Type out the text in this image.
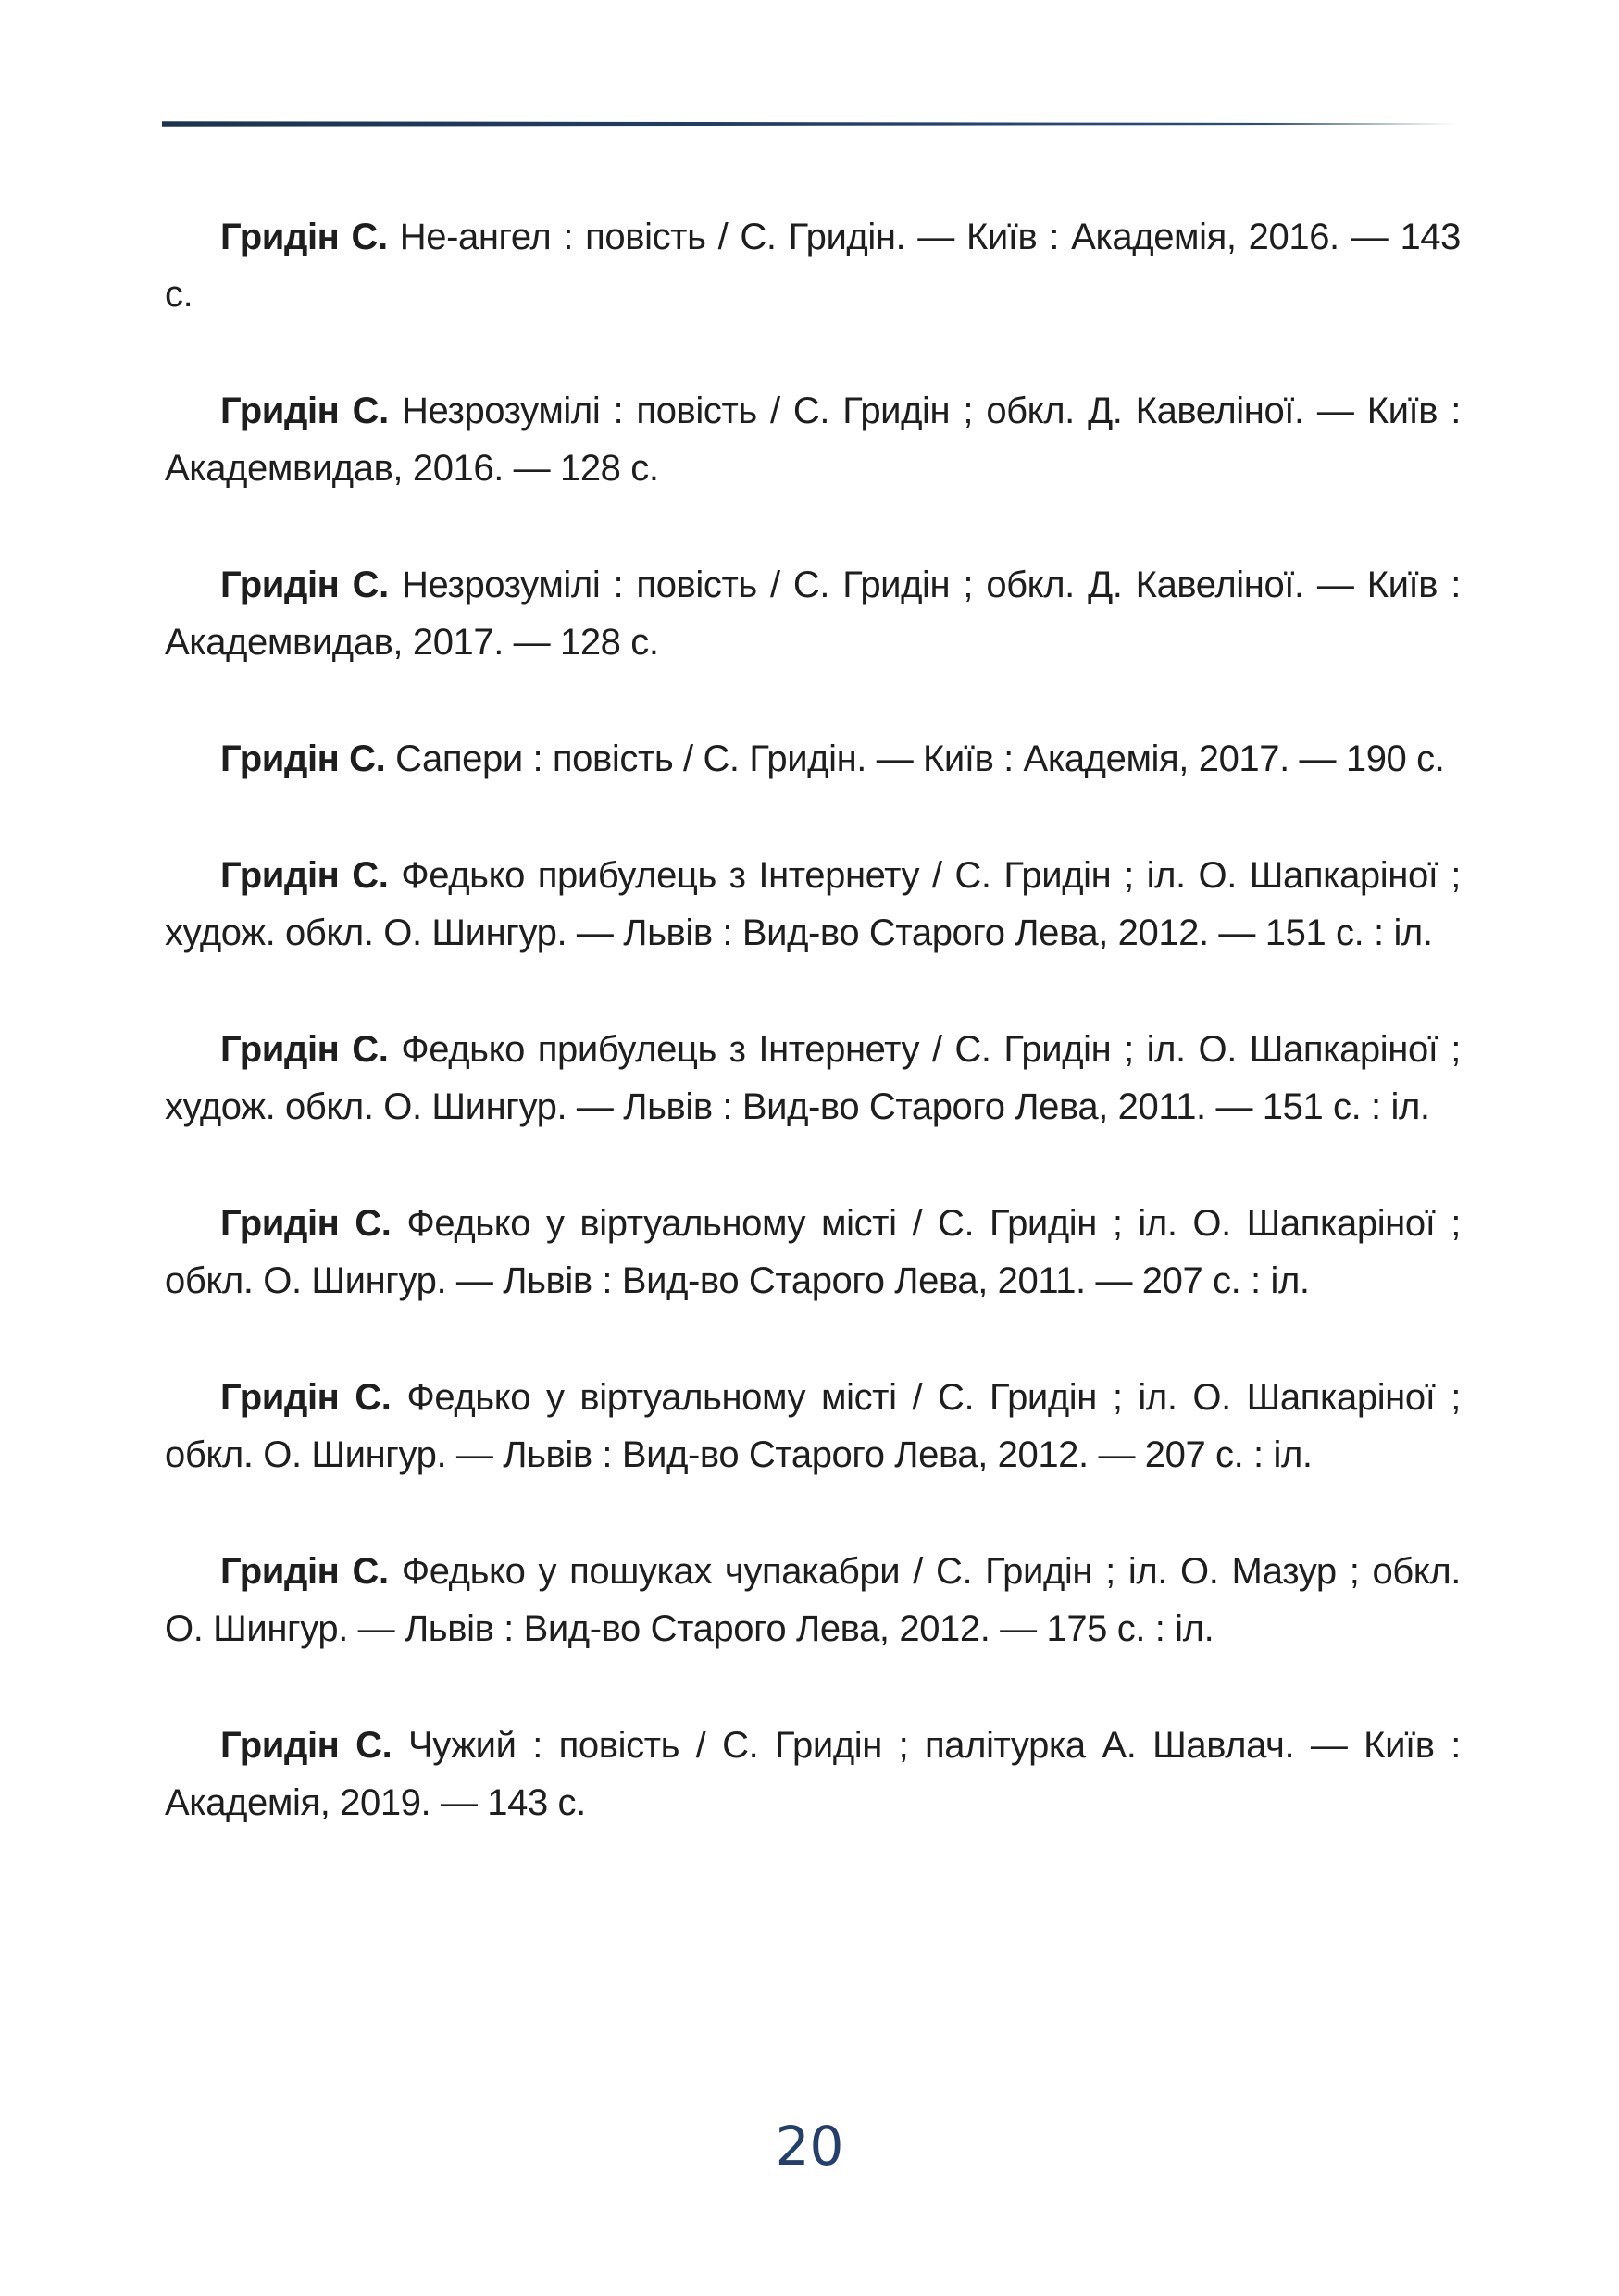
Гридін С. Не-ангел : повість / С. Гридін. — Київ : Академія, 2016. — 143 с.

Гридін С. Незрозумілі : повість / С. Гридін ; обкл. Д. Кавеліної. — Київ : Академвидав, 2016. — 128 с.

Гридін С. Незрозумілі : повість / С. Гридін ; обкл. Д. Кавеліної. — Київ : Академвидав, 2017. — 128 с.

Гридін С. Сапери : повість / С. Гридін. — Київ : Академія, 2017. — 190 с.

Гридін С. Федько прибулець з Інтернету / С. Гридін ; іл. О. Шапкаріної ; худож. обкл. О. Шингур. — Львів : Вид-во Старого Лева, 2012. — 151 с. : іл.

Гридін С. Федько прибулець з Інтернету / С. Гридін ; іл. О. Шапкаріної ; худож. обкл. О. Шингур. — Львів : Вид-во Старого Лева, 2011. — 151 с. : іл.

Гридін С. Федько у віртуальному місті / С. Гридін ; іл. О. Шапкаріної ; обкл. О. Шингур. — Львів : Вид-во Старого Лева, 2011. — 207 с. : іл.

Гридін С. Федько у віртуальному місті / С. Гридін ; іл. О. Шапкаріної ; обкл. О. Шингур. — Львів : Вид-во Старого Лева, 2012. — 207 с. : іл.

Гридін С. Федько у пошуках чупакабри / С. Гридін ; іл. О. Мазур ; обкл. О. Шингур. — Львів : Вид-во Старого Лева, 2012. — 175 с. : іл.

Гридін С. Чужий : повість / С. Гридін ; палітурка А. Шавлач. — Київ : Академія, 2019. — 143 с.

20
